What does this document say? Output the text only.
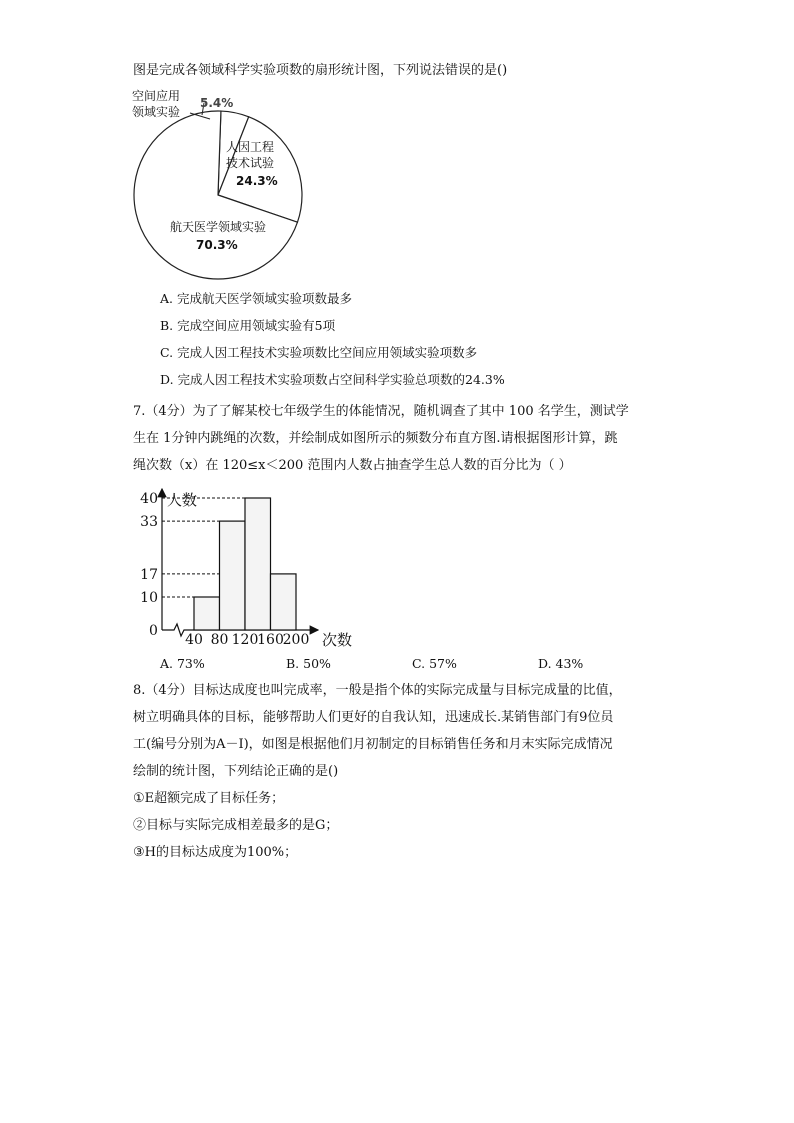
图是完成各领域科学实验项数的扇形统计图，下列说法错误的是()
空间应用
领域实验
5.4%
人因工程
技术试验
24.3%
航天医学领域实验
70.3%
A. 完成航天医学领域实验项数最多
B. 完成空间应用领域实验有5项
C. 完成人因工程技术实验项数比空间应用领域实验项数多
D. 完成人因工程技术实验项数占空间科学实验总项数的24.3%
7.（4分）为了了解某校七年级学生的体能情况，随机调查了其中 100 名学生，测试学
生在 1分钟内跳绳的次数，并绘制成如图所示的频数分布直方图.请根据图形计算，跳
绳次数（x）在 120≤x＜200 范围内人数占抽查学生总人数的百分比为（ ）
人数
次数
0
10
17
33
40
40 80 120
160
200
A. 73%	B. 50%	C. 57%	D. 43%
8.（4分）目标达成度也叫完成率，一般是指个体的实际完成量与目标完成量的比值，
树立明确具体的目标，能够帮助人们更好的自我认知，迅速成长.某销售部门有9位员
工(编号分别为A－I)，如图是根据他们月初制定的目标销售任务和月末实际完成情况
绘制的统计图，下列结论正确的是()
①E超额完成了目标任务；
②目标与实际完成相差最多的是G；
③H的目标达成度为100%；
